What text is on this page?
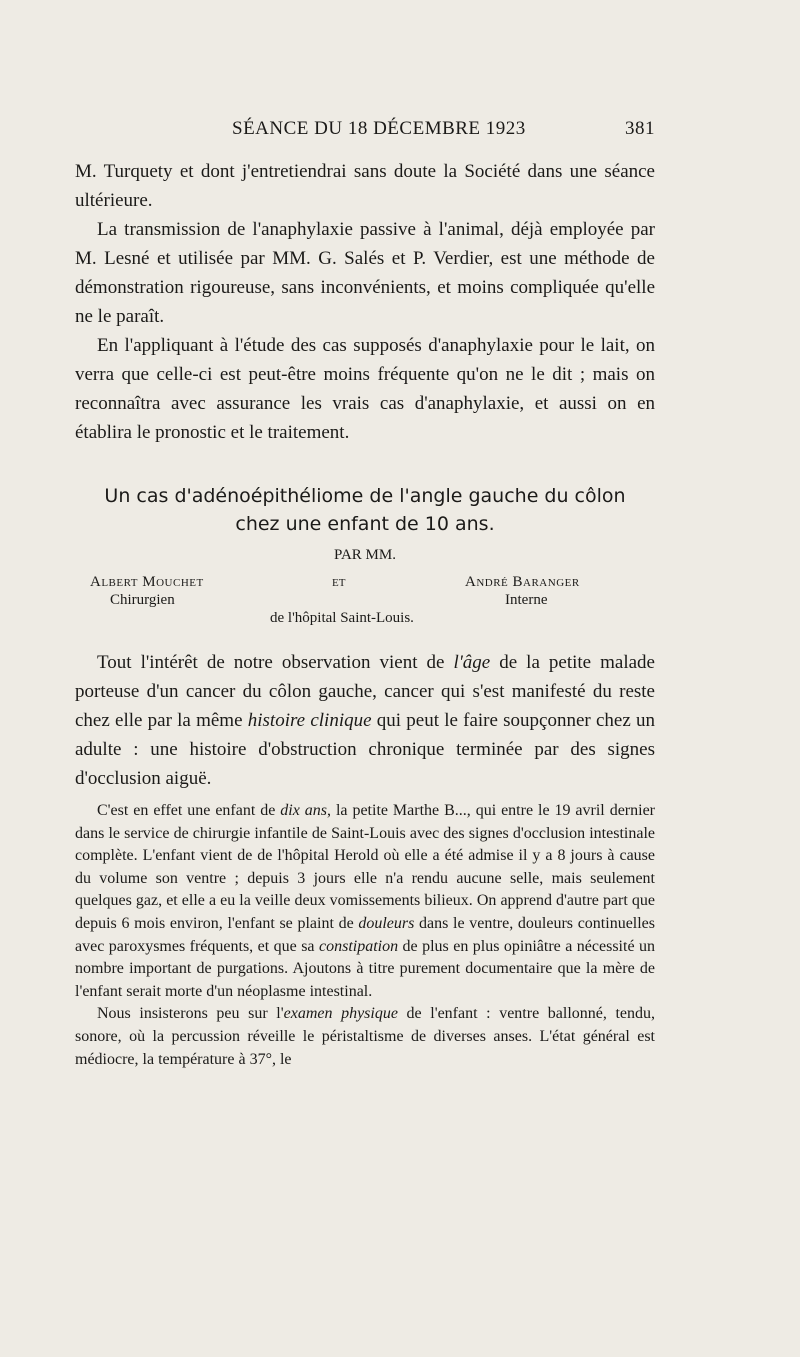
SÉANCE DU 18 DÉCEMBRE 1923	381

M. Turquety et dont j'entretiendrai sans doute la Société dans une séance ultérieure.

La transmission de l'anaphylaxie passive à l'animal, déjà employée par M. Lesné et utilisée par MM. G. Salés et P. Verdier, est une méthode de démonstration rigoureuse, sans inconvénients, et moins compliquée qu'elle ne le paraît.

En l'appliquant à l'étude des cas supposés d'anaphylaxie pour le lait, on verra que celle-ci est peut-être moins fréquente qu'on ne le dit ; mais on reconnaîtra avec assurance les vrais cas d'anaphylaxie, et aussi on en établira le pronostic et le traitement.

Un cas d'adénoépithéliome de l'angle gauche du côlon
chez une enfant de 10 ans.
PAR MM.
Albert Mouchet	et	André Baranger
Chirurgien	Interne
de l'hôpital Saint-Louis.

Tout l'intérêt de notre observation vient de l'âge de la petite malade porteuse d'un cancer du côlon gauche, cancer qui s'est manifesté du reste chez elle par la même histoire clinique qui peut le faire soupçonner chez un adulte : une histoire d'obstruction chronique terminée par des signes d'occlusion aiguë.

C'est en effet une enfant de dix ans, la petite Marthe B..., qui entre le 19 avril dernier dans le service de chirurgie infantile de Saint-Louis avec des signes d'occlusion intestinale complète. L'enfant vient de de l'hôpital Herold où elle a été admise il y a 8 jours à cause du volume son ventre ; depuis 3 jours elle n'a rendu aucune selle, mais seulement quelques gaz, et elle a eu la veille deux vomissements bilieux. On apprend d'autre part que depuis 6 mois environ, l'enfant se plaint de douleurs dans le ventre, douleurs continuelles avec paroxysmes fréquents, et que sa constipation de plus en plus opiniâtre a nécessité un nombre important de purgations. Ajoutons à titre purement documentaire que la mère de l'enfant serait morte d'un néoplasme intestinal.

Nous insisterons peu sur l'examen physique de l'enfant : ventre ballonné, tendu, sonore, où la percussion réveille le péristaltisme de diverses anses. L'état général est médiocre, la température à 37°, le
